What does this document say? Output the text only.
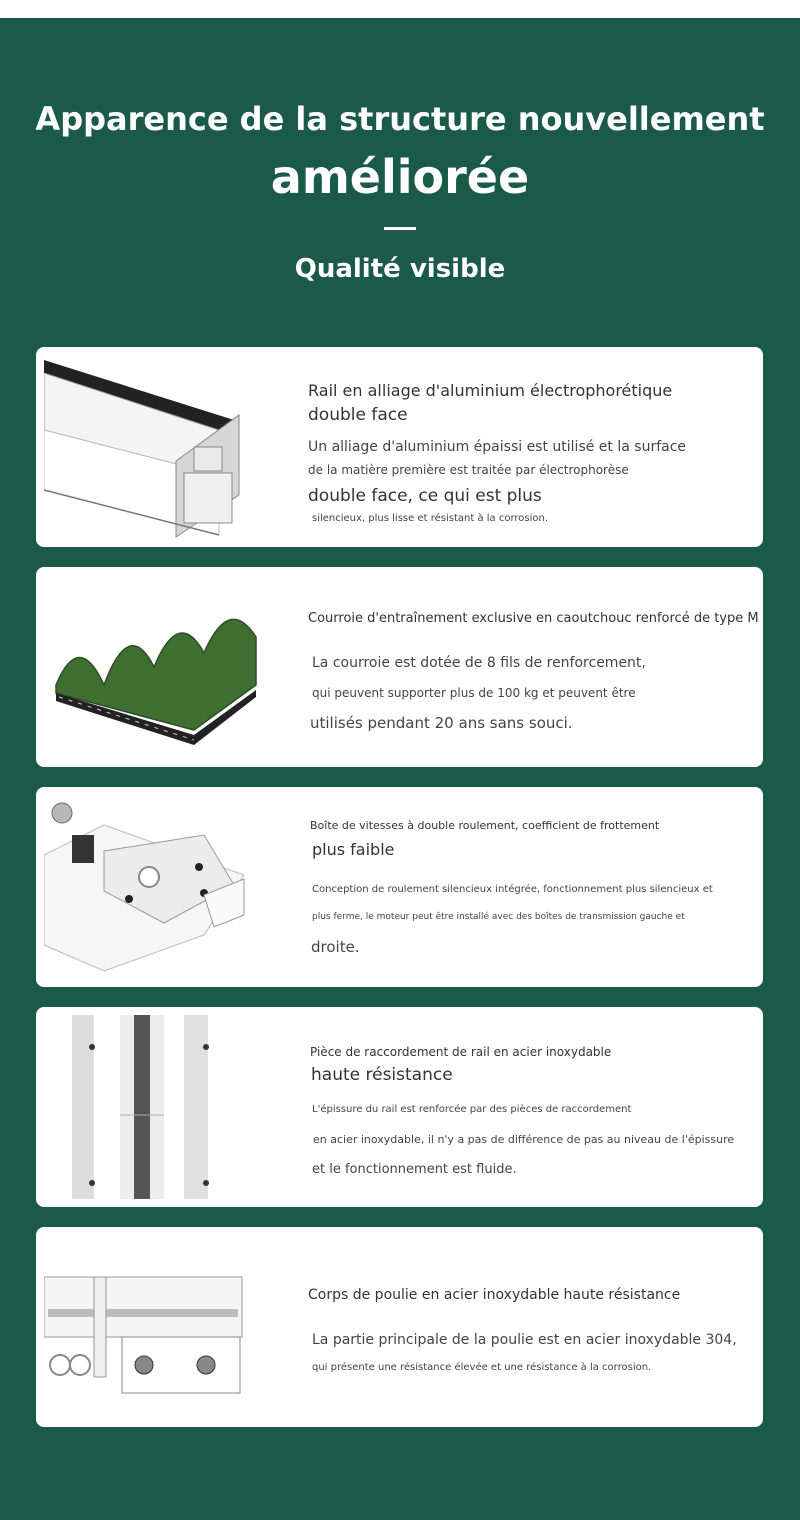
Apparence de la structure nouvellement
améliorée
Qualité visible
Rail en alliage d'aluminium électrophorétique
double face
Un alliage d'aluminium épaissi est utilisé et la surface
de la matière première est traitée par électrophorèse
double face, ce qui est plus
silencieux, plus lisse et résistant à la corrosion.
Courroie d'entraînement exclusive en caoutchouc renforcé de type M
La courroie est dotée de 8 fils de renforcement,
qui peuvent supporter plus de 100 kg et peuvent être
utilisés pendant 20 ans sans souci.
Boîte de vitesses à double roulement, coefficient de frottement
plus faible
Conception de roulement silencieux intégrée, fonctionnement plus silencieux et
plus ferme, le moteur peut être installé avec des boîtes de transmission gauche et
droite.
Pièce de raccordement de rail en acier inoxydable
haute résistance
L'épissure du rail est renforcée par des pièces de raccordement
en acier inoxydable, il n'y a pas de différence de pas au niveau de l'épissure
et le fonctionnement est fluide.
Corps de poulie en acier inoxydable haute résistance
La partie principale de la poulie est en acier inoxydable 304,
qui présente une résistance élevée et une résistance à la corrosion.
